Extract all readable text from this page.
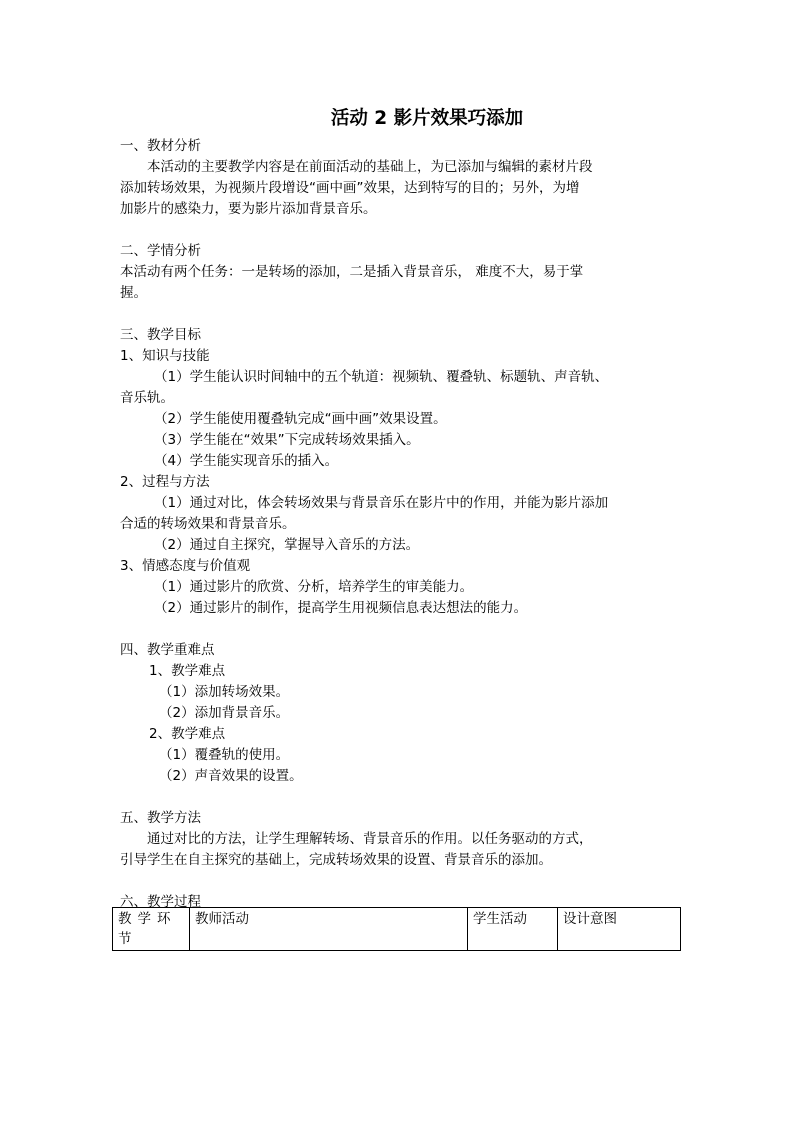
活动 2 影片效果巧添加
一、教材分析
本活动的主要教学内容是在前面活动的基础上，为已添加与编辑的素材片段
添加转场效果，为视频片段增设“画中画”效果，达到特写的目的；另外，为增
加影片的感染力，要为影片添加背景音乐。
二、学情分析
本活动有两个任务：一是转场的添加，二是插入背景音乐， 难度不大，易于掌
握。
三、教学目标
1、知识与技能
（1）学生能认识时间轴中的五个轨道：视频轨、覆叠轨、标题轨、声音轨、
音乐轨。
（2）学生能使用覆叠轨完成“画中画”效果设置。
（3）学生能在“效果”下完成转场效果插入。
（4）学生能实现音乐的插入。
2、过程与方法
（1）通过对比，体会转场效果与背景音乐在影片中的作用，并能为影片添加
合适的转场效果和背景音乐。
（2）通过自主探究，掌握导入音乐的方法。
3、情感态度与价值观
（1）通过影片的欣赏、分析，培养学生的审美能力。
（2）通过影片的制作，提高学生用视频信息表达想法的能力。
四、教学重难点
1、教学难点
（1）添加转场效果。
（2）添加背景音乐。
2、教学难点
（1）覆叠轨的使用。
（2）声音效果的设置。
五、教学方法
通过对比的方法，让学生理解转场、背景音乐的作用。以任务驱动的方式，
引导学生在自主探究的基础上，完成转场效果的设置、背景音乐的添加。
六、教学过程
教学环节	教师活动	学生活动	设计意图
